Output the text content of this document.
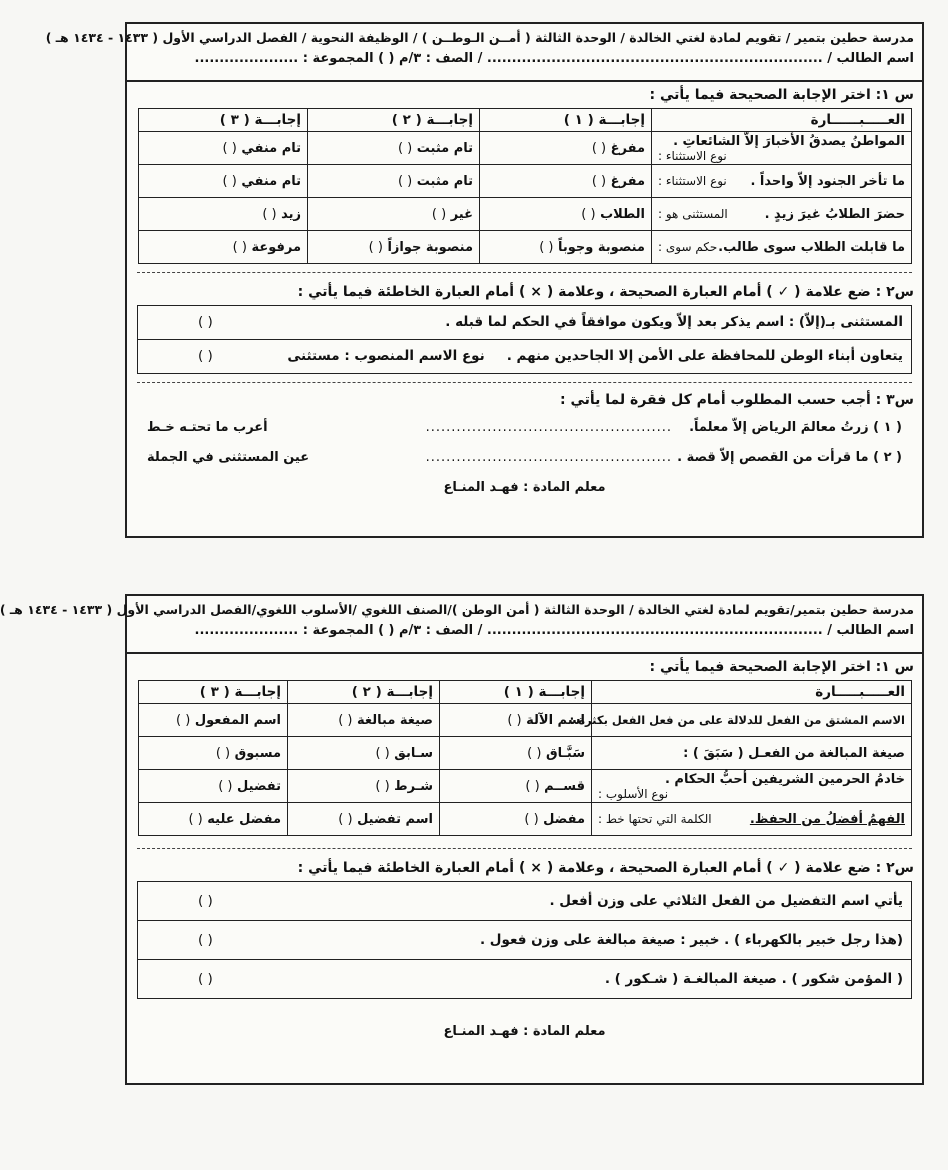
مدرسة حطين بتمير / تقويم لمادة لغتي الخالدة / الوحدة الثالثة ( أمــن الـوطــن ) / الوظيفة النحوية / الفصل الدراسي الأول ( ١٤٣٣ - ١٤٣٤ هـ )
اسم الطالب / .................................................................... / الصف : ٣/م ( ) المجموعة : .....................
س ١: اختر الإجابة الصحيحة فيما يأتي :
العـــــبــــــارة	إجابـــة ( ١ )	إجابـــة ( ٢ )	إجابـــة ( ٣ )
المواطنُ يصدقُ الأخبارَ إلاّ الشائعاتِ .
نوع الاستثناء :	مفرغ ( )	تام مثبت ( )	تام منفي ( )
ما تأخر الجنود إلاّ واحداً .
نوع الاستثناء :	مفرغ ( )	تام مثبت ( )	تام منفي ( )
حضرَ الطلابُ غيرَ زيدٍ .
المستثنى هو :	الطلاب ( )	غير ( )	زيد ( )
ما قابلت الطلاب سوى طالب.
حكم سوى :	منصوبة وجوباً ( )	منصوبة جوازاً ( )	مرفوعة ( )
س٢ : ضع علامة ( ✓ ) أمام العبارة الصحيحة ، وعلامة ( × ) أمام العبارة الخاطئة فيما يأتي :
المستثنى بـ(إلاّ) : اسم يذكر بعد إلاّ ويكون موافقاً في الحكم لما قبله .
( )
يتعاون أبناء الوطن للمحافظة على الأمن إلا الجاحدين منهم .نوع الاسم المنصوب : مستثنى
( )
س٣ : أجب حسب المطلوب أمام كل فقرة لما يأتي :
( ١ ) زرتُ معالمَ الرياض إلاّ معلماً.
................................................
أعرب ما تحتـه خـط
( ٢ ) ما قرأت من القصص إلاّ قصة .
................................................
عين المستثنى في الجملة
معلم المادة : فهـد المنـاع
مدرسة حطين بتمير/تقويم لمادة لغتي الخالدة / الوحدة الثالثة ( أمن الوطن )/الصنف اللغوي /الأسلوب اللغوي/الفصل الدراسي الأول ( ١٤٣٣ - ١٤٣٤ هـ )
اسم الطالب / .................................................................... / الصف : ٣/م ( ) المجموعة : .....................
س ١: اختر الإجابة الصحيحة فيما يأتي :
العـــــبـــــارة	إجابـــة ( ١ )	إجابـــة ( ٢ )	إجابـــة ( ٣ )
الاسم المشتق من الفعل للدلالة على من فعل الفعل بكثرة :	اسم الآلة ( )	صيغة مبالغة ( )	اسم المفعول ( )
صيغة المبالغة من الفعـل ( سَبَقَ ) :	سَبَّـاق ( )	سـابق ( )	مسبوق ( )
خادمُ الحرمين الشريفين أحبُّ الحكام .
نوع الأسلوب :	قســم ( )	شـرط ( )	تفضيل ( )
الفهمُ أفضلُ من الحفظ.
الكلمة التي تحتها خط :	مفضل ( )	اسم تفضيل ( )	مفضل عليه ( )
س٢ : ضع علامة ( ✓ ) أمام العبارة الصحيحة ، وعلامة ( × ) أمام العبارة الخاطئة فيما يأتي :
يأتي اسم التفضيل من الفعل الثلاثي على وزن أفعل .
( )
(هذا رجل خبير بالكهرباء ) . خبير : صيغة مبالغة على وزن فعول .
( )
( المؤمن شكور ) . صيغة المبالغـة ( شـكور ) .
( )
معلم المادة : فهـد المنـاع
